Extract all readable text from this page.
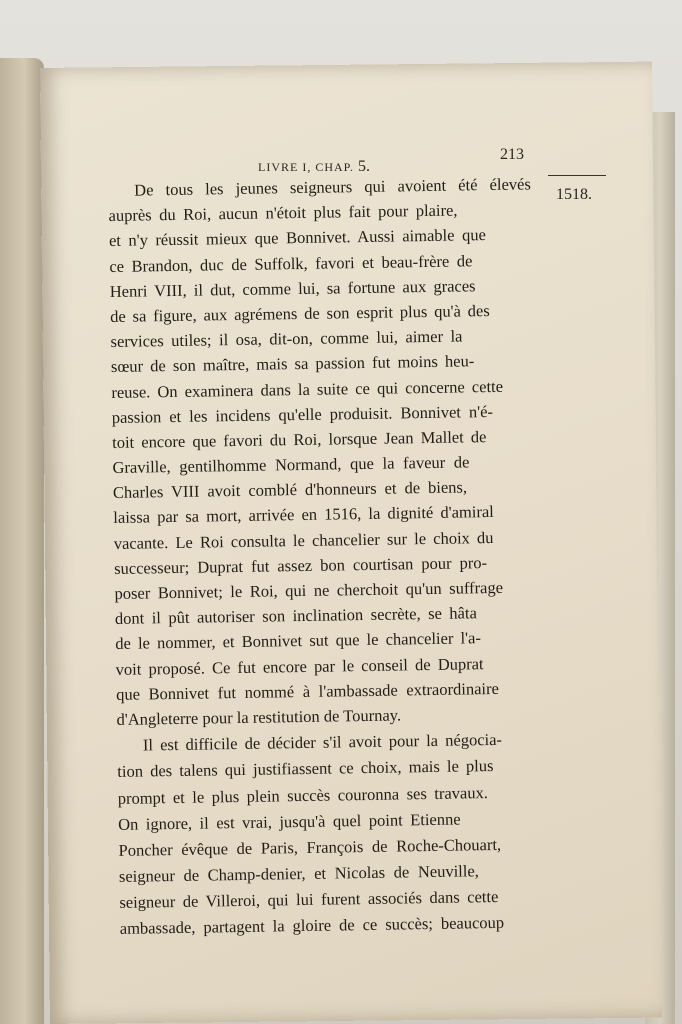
LIVRE I, CHAP. 5.
213
1518.
De tous les jeunes seigneurs qui avoient été élevés
auprès du Roi, aucun n'étoit plus fait pour plaire,
et n'y réussit mieux que Bonnivet. Aussi aimable que
ce Brandon, duc de Suffolk, favori et beau-frère de
Henri VIII, il dut, comme lui, sa fortune aux graces
de sa figure, aux agrémens de son esprit plus qu'à des
services utiles; il osa, dit-on, comme lui, aimer la
sœur de son maître, mais sa passion fut moins heu-
reuse. On examinera dans la suite ce qui concerne cette
passion et les incidens qu'elle produisit. Bonnivet n'é-
toit encore que favori du Roi, lorsque Jean Mallet de
Graville, gentilhomme Normand, que la faveur de
Charles VIII avoit comblé d'honneurs et de biens,
laissa par sa mort, arrivée en 1516, la dignité d'amiral
vacante. Le Roi consulta le chancelier sur le choix du
successeur; Duprat fut assez bon courtisan pour pro-
poser Bonnivet; le Roi, qui ne cherchoit qu'un suffrage
dont il pût autoriser son inclination secrète, se hâta
de le nommer, et Bonnivet sut que le chancelier l'a-
voit proposé. Ce fut encore par le conseil de Duprat
que Bonnivet fut nommé à l'ambassade extraordinaire
d'Angleterre pour la restitution de Tournay.
Il est difficile de décider s'il avoit pour la négocia-
tion des talens qui justifiassent ce choix, mais le plus
prompt et le plus plein succès couronna ses travaux.
On ignore, il est vrai, jusqu'à quel point Etienne
Poncher évêque de Paris, François de Roche-Chouart,
seigneur de Champ-denier, et Nicolas de Neuville,
seigneur de Villeroi, qui lui furent associés dans cette
ambassade, partagent la gloire de ce succès; beaucoup
